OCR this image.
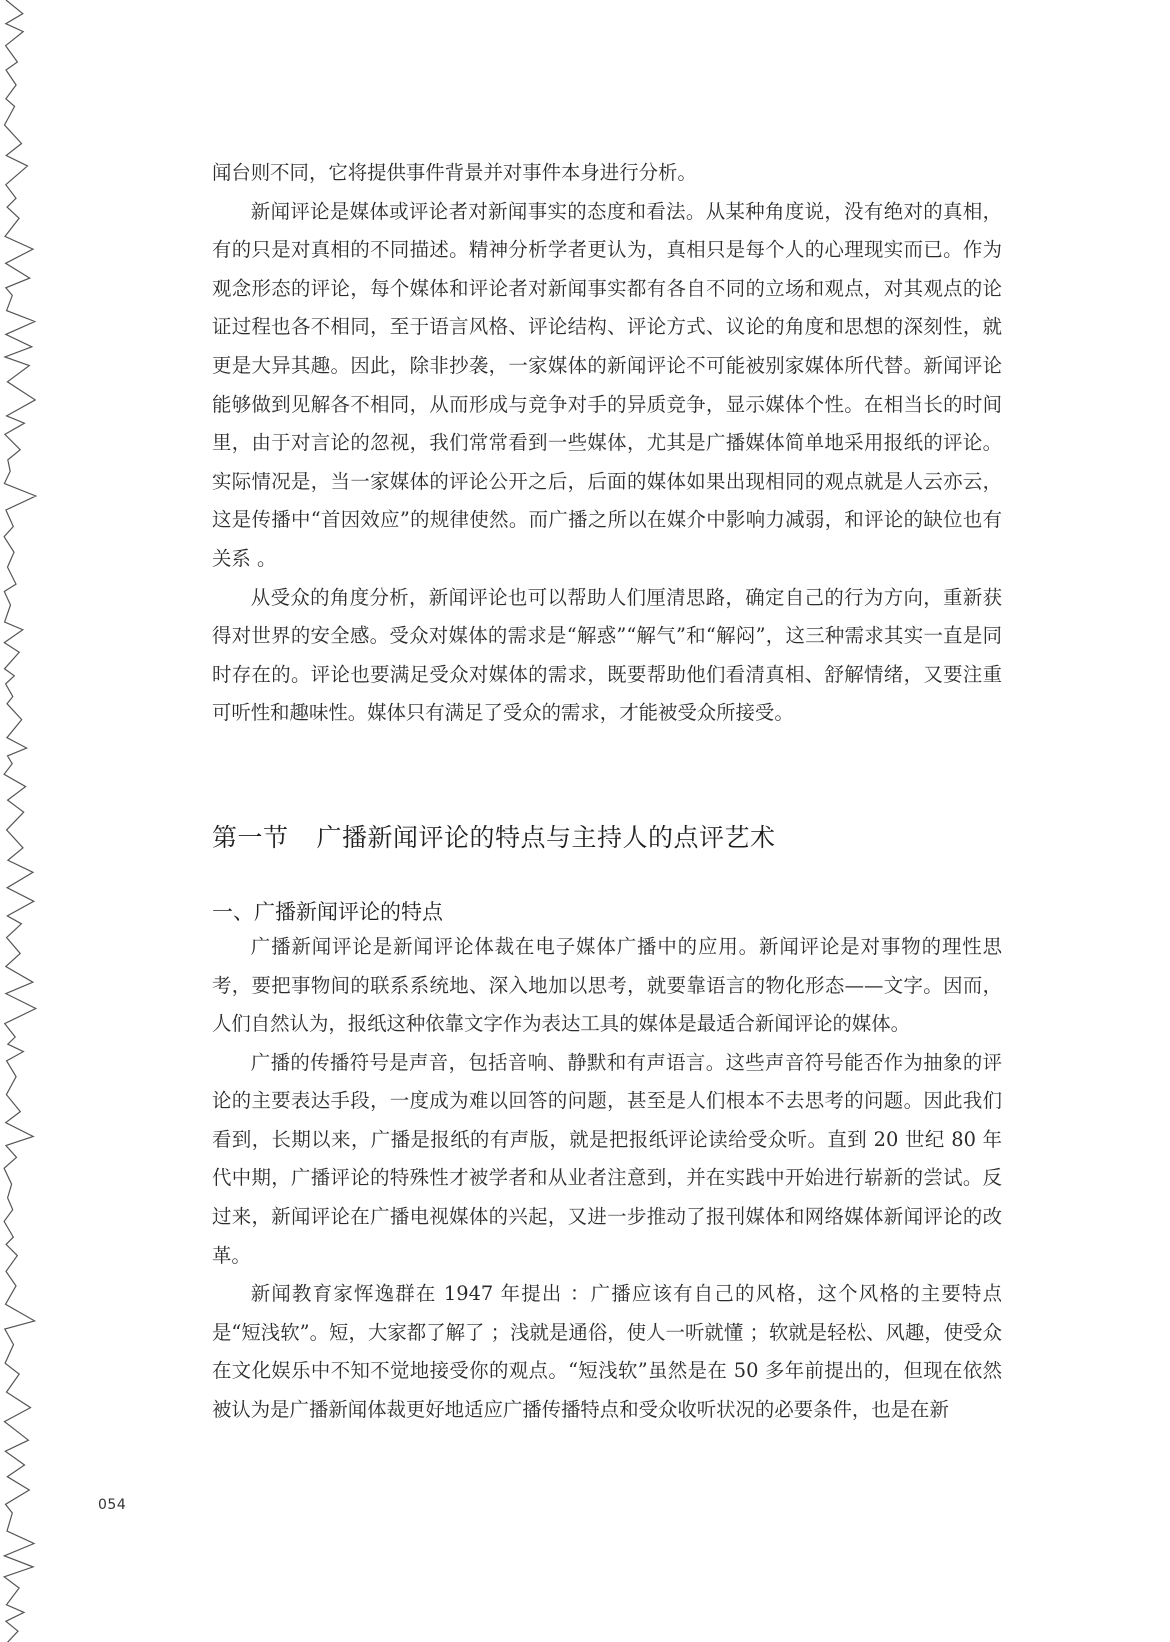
闻台则不同，它将提供事件背景并对事件本身进行分析。

新闻评论是媒体或评论者对新闻事实的态度和看法。从某种角度说，没有绝对的真相，有的只是对真相的不同描述。精神分析学者更认为，真相只是每个人的心理现实而已。作为观念形态的评论，每个媒体和评论者对新闻事实都有各自不同的立场和观点，对其观点的论证过程也各不相同，至于语言风格、评论结构、评论方式、议论的角度和思想的深刻性，就更是大异其趣。因此，除非抄袭，一家媒体的新闻评论不可能被别家媒体所代替。新闻评论能够做到见解各不相同，从而形成与竞争对手的异质竞争，显示媒体个性。在相当长的时间里，由于对言论的忽视，我们常常看到一些媒体，尤其是广播媒体简单地采用报纸的评论。实际情况是，当一家媒体的评论公开之后，后面的媒体如果出现相同的观点就是人云亦云，这是传播中“首因效应”的规律使然。而广播之所以在媒介中影响力减弱，和评论的缺位也有关系 。

从受众的角度分析，新闻评论也可以帮助人们厘清思路，确定自己的行为方向，重新获得对世界的安全感。受众对媒体的需求是“解惑”“解气”和“解闷”，这三种需求其实一直是同时存在的。评论也要满足受众对媒体的需求，既要帮助他们看清真相、舒解情绪，又要注重可听性和趣味性。媒体只有满足了受众的需求，才能被受众所接受。

第一节 广播新闻评论的特点与主持人的点评艺术
一、广播新闻评论的特点

广播新闻评论是新闻评论体裁在电子媒体广播中的应用。新闻评论是对事物的理性思考，要把事物间的联系系统地、深入地加以思考，就要靠语言的物化形态——文字。因而，人们自然认为，报纸这种依靠文字作为表达工具的媒体是最适合新闻评论的媒体。

广播的传播符号是声音，包括音响、静默和有声语言。这些声音符号能否作为抽象的评论的主要表达手段，一度成为难以回答的问题，甚至是人们根本不去思考的问题。因此我们看到，长期以来，广播是报纸的有声版，就是把报纸评论读给受众听。直到 20 世纪 80 年代中期，广播评论的特殊性才被学者和从业者注意到，并在实践中开始进行崭新的尝试。反过来，新闻评论在广播电视媒体的兴起，又进一步推动了报刊媒体和网络媒体新闻评论的改革。

新闻教育家恽逸群在 1947 年提出 ：广播应该有自己的风格，这个风格的主要特点是“短浅软”。短，大家都了解了 ；浅就是通俗，使人一听就懂 ；软就是轻松、风趣，使受众在文化娱乐中不知不觉地接受你的观点。“短浅软”虽然是在 50 多年前提出的，但现在依然被认为是广播新闻体裁更好地适应广播传播特点和受众收听状况的必要条件，也是在新

054
